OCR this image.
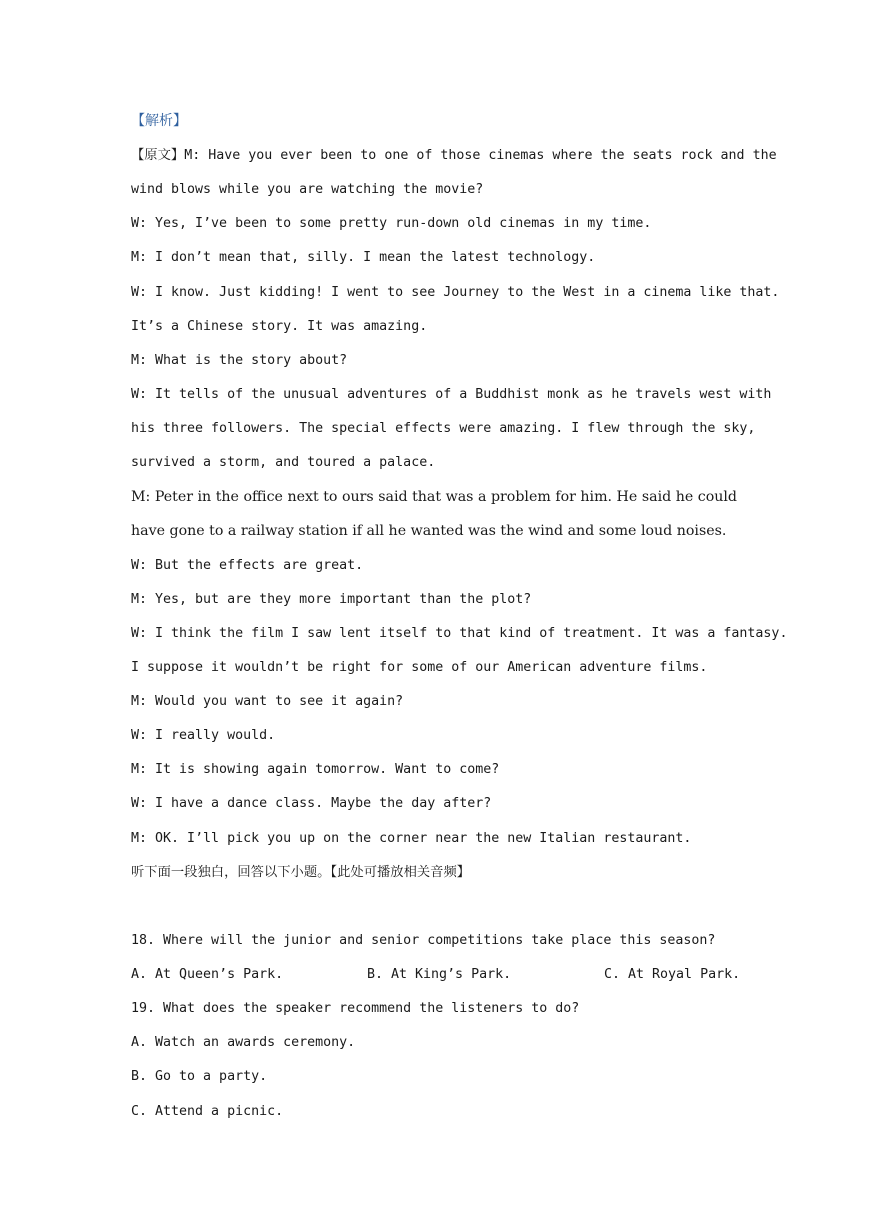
【解析】
【原文】M: Have you ever been to one of those cinemas where the seats rock and the
wind blows while you are watching the movie?
W: Yes, I’ve been to some pretty run-down old cinemas in my time.
M: I don’t mean that, silly. I mean the latest technology.
W: I know. Just kidding! I went to see Journey to the West in a cinema like that.
It’s a Chinese story. It was amazing.
M: What is the story about?
W: It tells of the unusual adventures of a Buddhist monk as he travels west with
his three followers. The special effects were amazing. I flew through the sky,
survived a storm, and toured a palace.
M: Peter in the office next to ours said that was a problem for him. He said he could
have gone to a railway station if all he wanted was the wind and some loud noises.
W: But the effects are great.
M: Yes, but are they more important than the plot?
W: I think the film I saw lent itself to that kind of treatment. It was a fantasy.
I suppose it wouldn’t be right for some of our American adventure films.
M: Would you want to see it again?
W: I really would.
M: It is showing again tomorrow. Want to come?
W: I have a dance class. Maybe the day after?
M: OK. I’ll pick you up on the corner near the new Italian restaurant.
听下面一段独白，回答以下小题。【此处可播放相关音频】
18. Where will the junior and senior competitions take place this season?
A. At Queen’s Park.	B. At King’s Park.	C. At Royal Park.
19. What does the speaker recommend the listeners to do?
A. Watch an awards ceremony.
B. Go to a party.
C. Attend a picnic.
